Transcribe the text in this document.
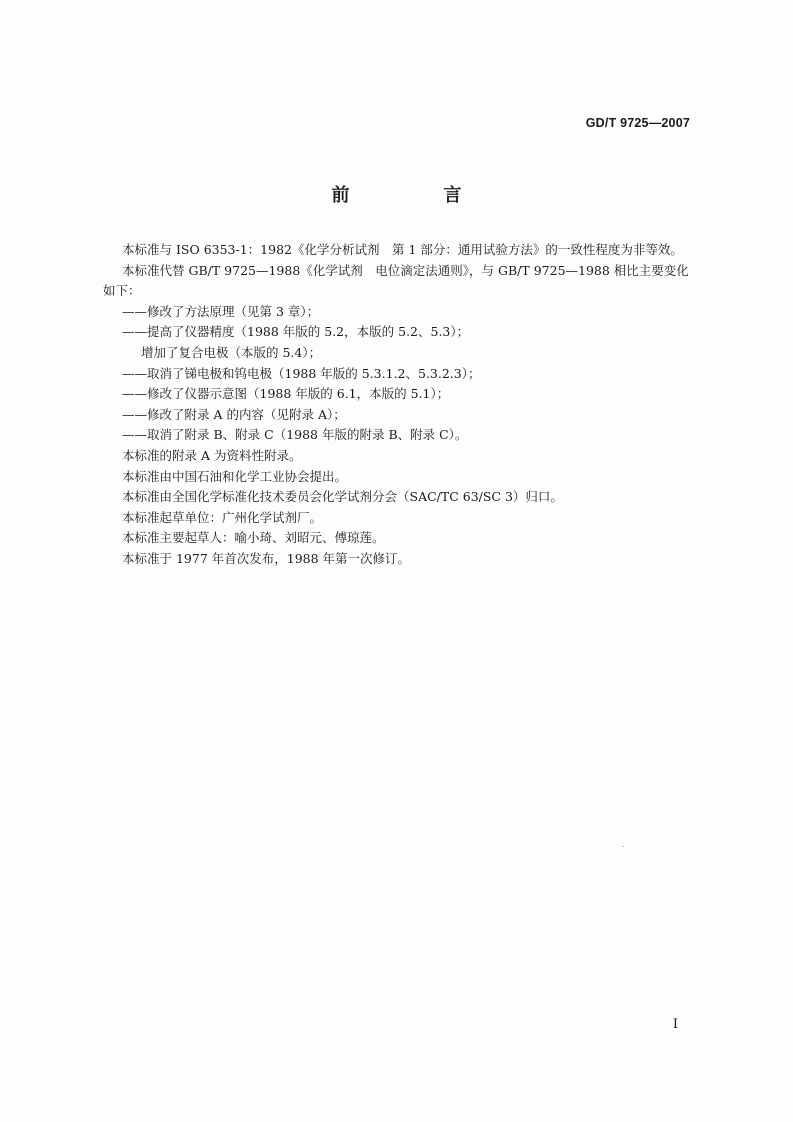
GD/T 9725—2007
前　言

本标准与 ISO 6353-1：1982《化学分析试剂　第 1 部分：通用试验方法》的一致性程度为非等效。

本标准代替 GB/T 9725—1988《化学试剂　电位滴定法通则》，与 GB/T 9725—1988 相比主要变化如下：

——修改了方法原理（见第 3 章）；

——提高了仪器精度（1988 年版的 5.2，本版的 5.2、5.3）；

增加了复合电极（本版的 5.4）；

——取消了锑电极和钨电极（1988 年版的 5.3.1.2、5.3.2.3）；

——修改了仪器示意图（1988 年版的 6.1，本版的 5.1）；

——修改了附录 A 的内容（见附录 A）；

——取消了附录 B、附录 C（1988 年版的附录 B、附录 C）。

本标准的附录 A 为资料性附录。

本标准由中国石油和化学工业协会提出。

本标准由全国化学标准化技术委员会化学试剂分会（SAC/TC 63/SC 3）归口。

本标准起草单位：广州化学试剂厂。

本标准主要起草人：喻小琦、刘昭元、傅琼莲。

本标准于 1977 年首次发布，1988 年第一次修订。

I
